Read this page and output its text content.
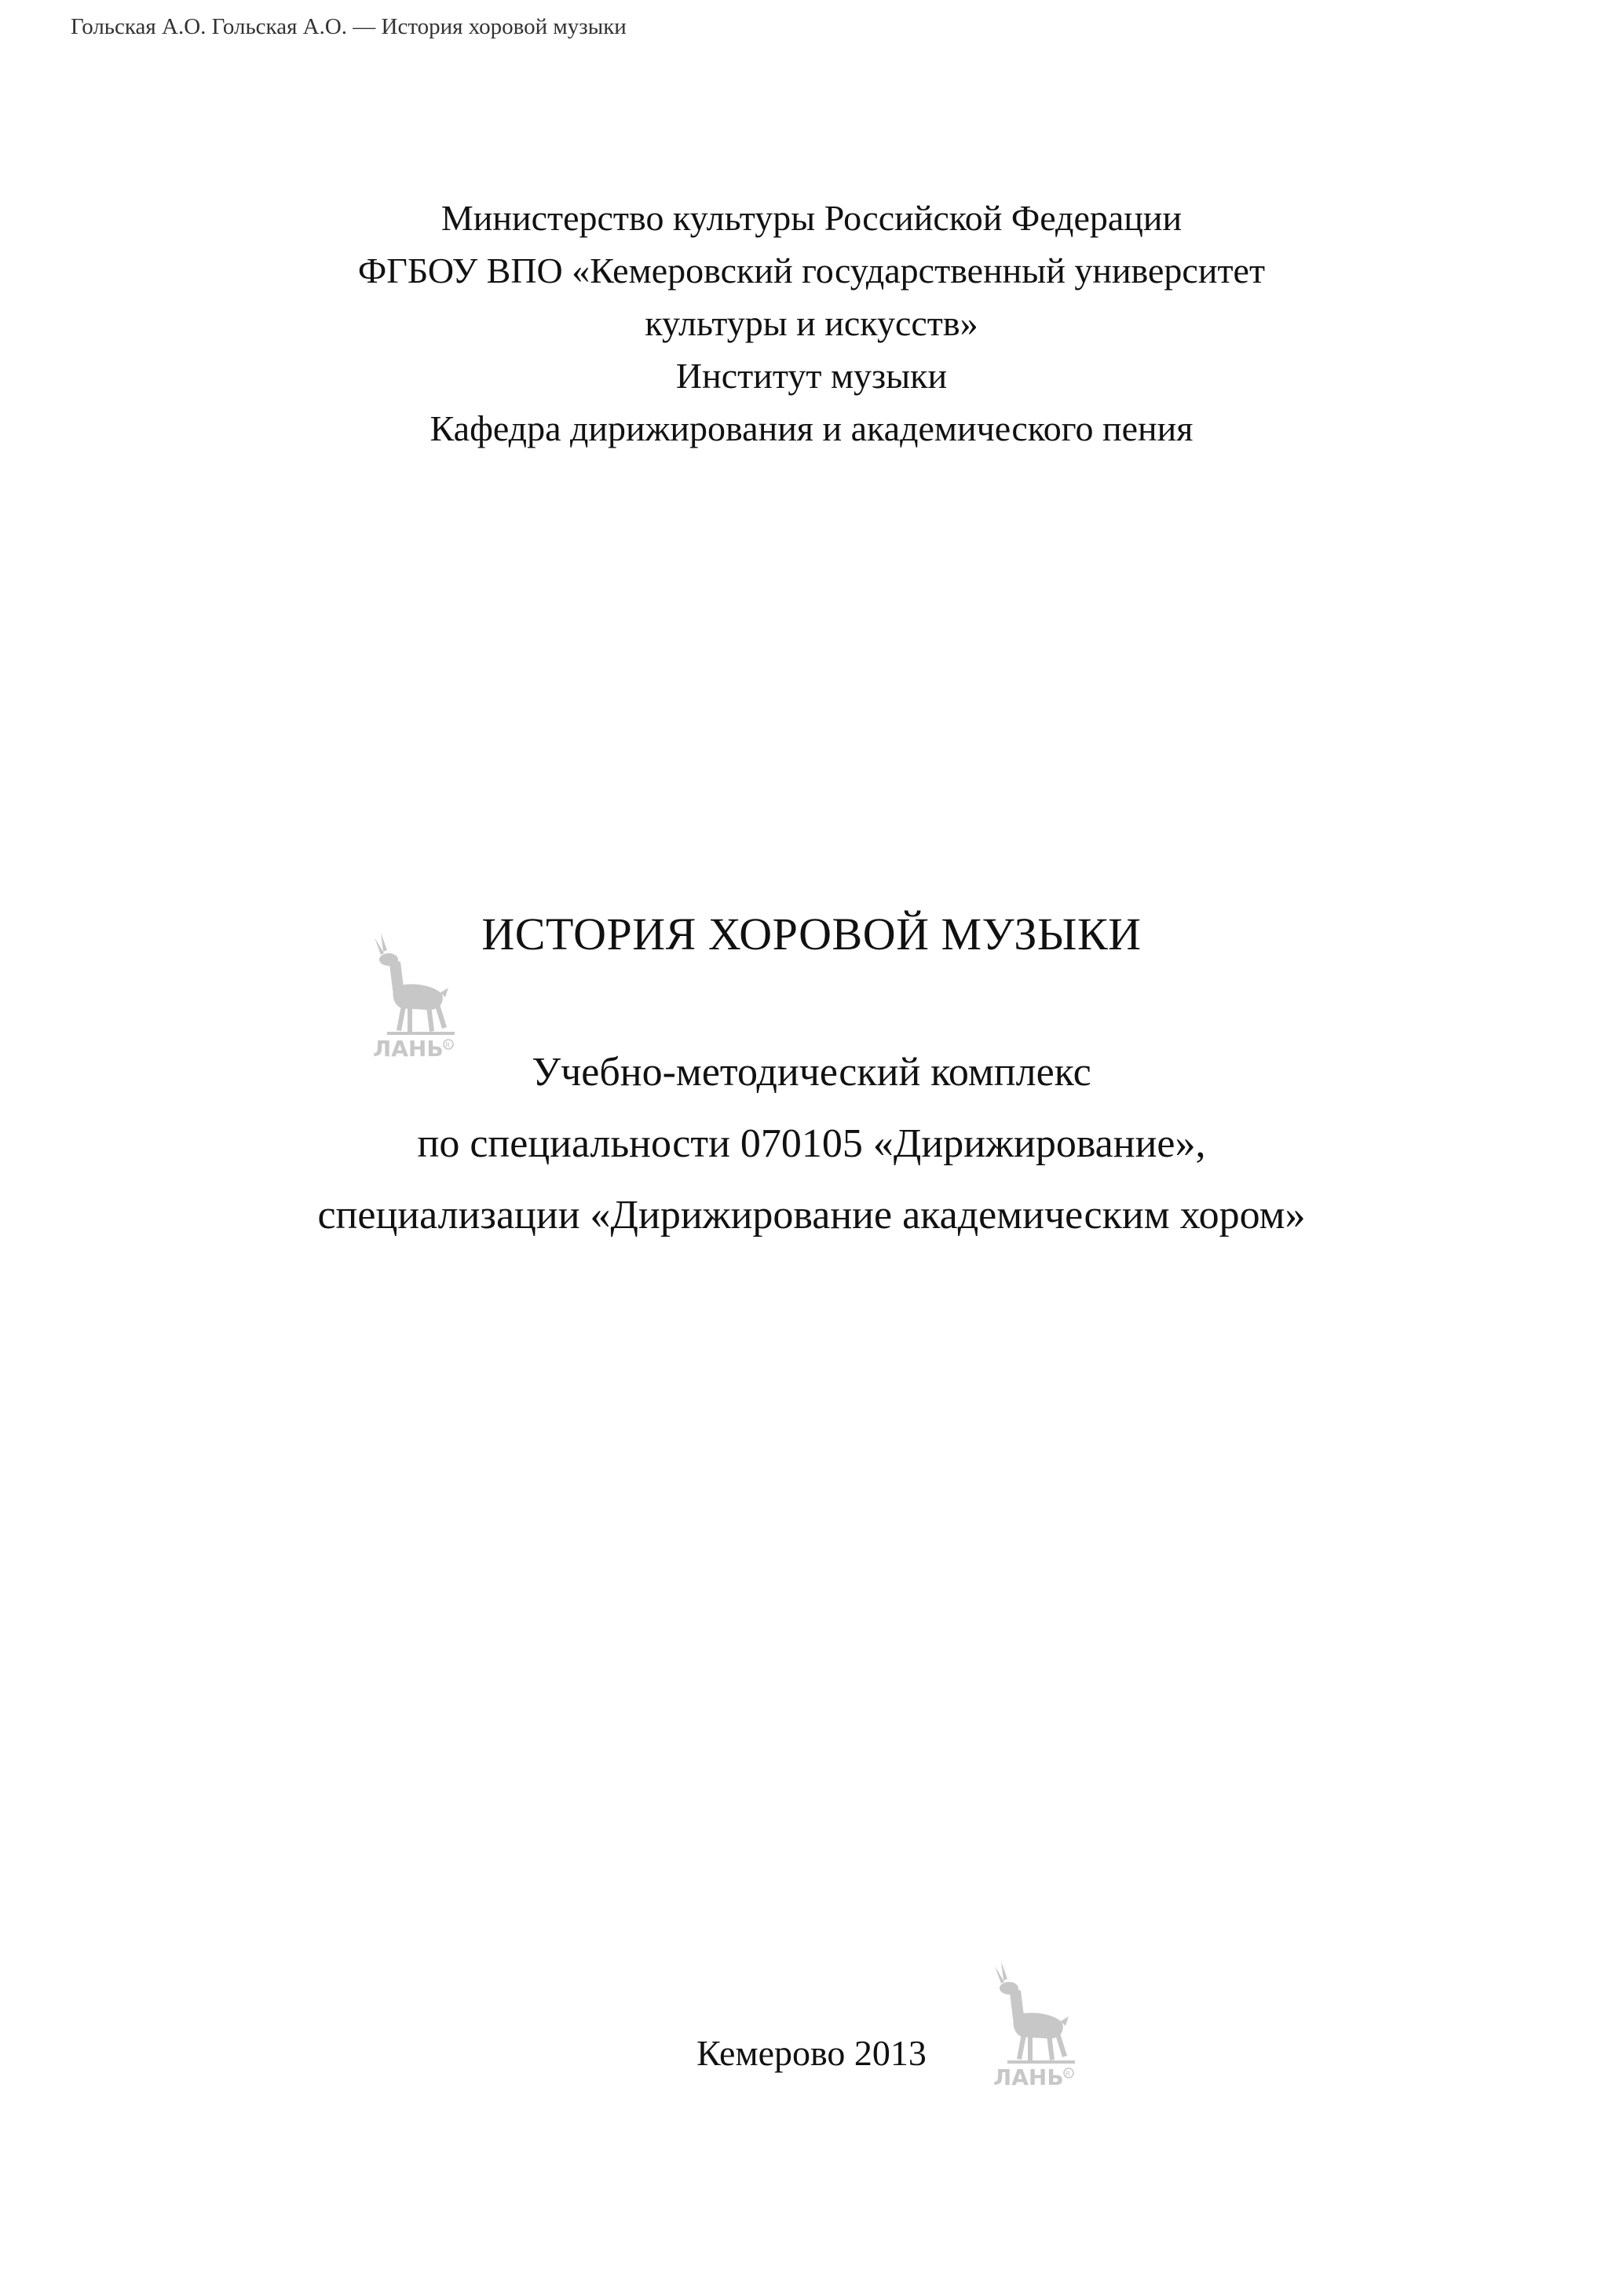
Гольская А.О. Гольская А.О. — История хоровой музыки
Министерство культуры Российской Федерации
ФГБОУ ВПО «Кемеровский государственный университет
культуры и искусств»
Институт музыки
Кафедра дирижирования и академического пения
ЛАНЬ R
ИСТОРИЯ ХОРОВОЙ МУЗЫКИ
Учебно-методический комплекс
по специальности 070105 «Дирижирование»,
специализации «Дирижирование академическим хором»
Кемерово 2013
ЛАНЬ R
